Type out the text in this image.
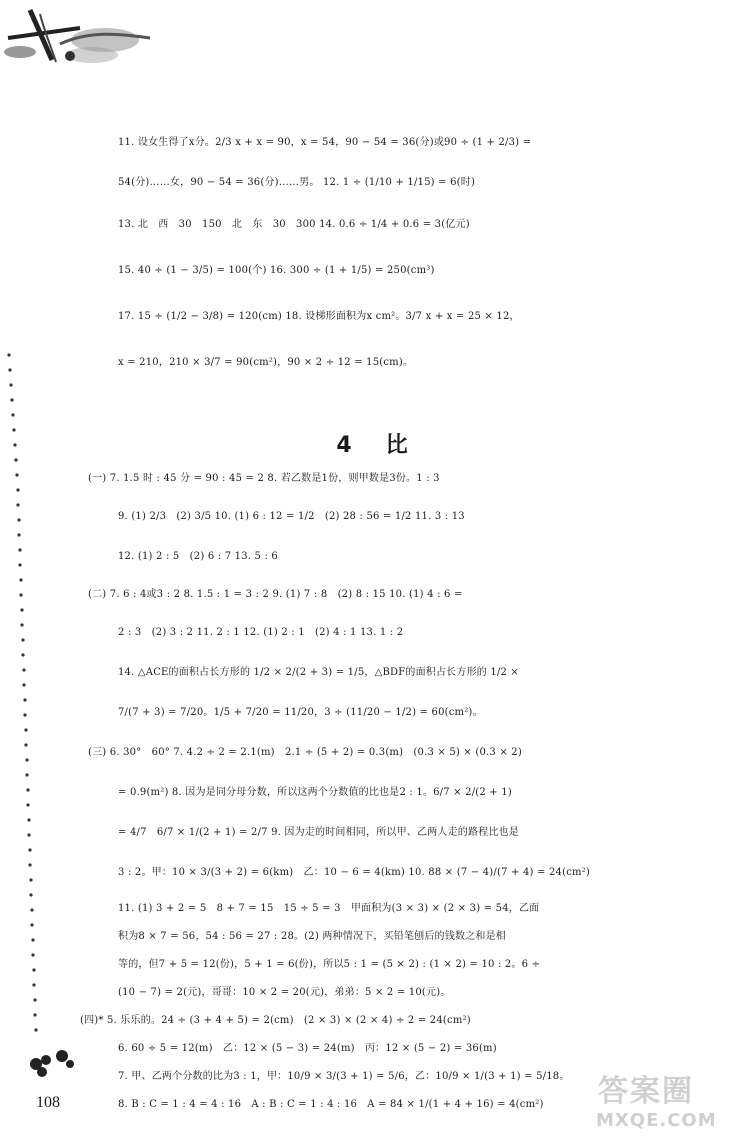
11. 设女生得了x分。2/3 x + x = 90，x = 54，90 − 54 = 36(分)或90 ÷ (1 + 2/3) =
54(分)……女，90 − 54 = 36(分)……男。 12. 1 ÷ (1/10 + 1/15) = 6(时)
13. 北　西　30　150　北　东　30　300 14. 0.6 ÷ 1/4 + 0.6 = 3(亿元)
15. 40 ÷ (1 − 3/5) = 100(个) 16. 300 ÷ (1 + 1/5) = 250(cm³)
17. 15 ÷ (1/2 − 3/8) = 120(cm) 18. 设梯形面积为x cm²。3/7 x + x = 25 × 12，
x = 210，210 × 3/7 = 90(cm²)，90 × 2 ÷ 12 = 15(cm)。
4　比
(一) 7. 1.5 时 : 45 分 = 90 : 45 = 2 8. 若乙数是1份，则甲数是3份。1 : 3
9. (1) 2/3　(2) 3/5 10. (1) 6 : 12 = 1/2　(2) 28 : 56 = 1/2 11. 3 : 13
12. (1) 2 : 5　(2) 6 : 7 13. 5 : 6
(二) 7. 6 : 4或3 : 2 8. 1.5 : 1 = 3 : 2 9. (1) 7 : 8　(2) 8 : 15 10. (1) 4 : 6 =
2 : 3　(2) 3 : 2 11. 2 : 1 12. (1) 2 : 1　(2) 4 : 1 13. 1 : 2
14. △ACE的面积占长方形的 1/2 × 2/(2 + 3) = 1/5，△BDF的面积占长方形的 1/2 ×
7/(7 + 3) = 7/20。1/5 + 7/20 = 11/20，3 ÷ (11/20 − 1/2) = 60(cm²)。
(三) 6. 30°　60° 7. 4.2 ÷ 2 = 2.1(m)　2.1 ÷ (5 + 2) = 0.3(m)　(0.3 × 5) × (0.3 × 2)
= 0.9(m²) 8. 因为是同分母分数，所以这两个分数值的比也是2 : 1。6/7 × 2/(2 + 1)
= 4/7　6/7 × 1/(2 + 1) = 2/7 9. 因为走的时间相同，所以甲、乙两人走的路程比也是
3 : 2。甲：10 × 3/(3 + 2) = 6(km)　乙：10 − 6 = 4(km) 10. 88 × (7 − 4)/(7 + 4) = 24(cm²)
11. (1) 3 + 2 = 5　8 + 7 = 15　15 ÷ 5 = 3　甲面积为(3 × 3) × (2 × 3) = 54，乙面
积为8 × 7 = 56，54 : 56 = 27 : 28。(2) 两种情况下，买铅笔刨后的钱数之和是相
等的，但7 + 5 = 12(份)，5 + 1 = 6(份)，所以5 : 1 = (5 × 2) : (1 × 2) = 10 : 2。6 ÷
(10 − 7) = 2(元)，哥哥：10 × 2 = 20(元)，弟弟：5 × 2 = 10(元)。
(四)* 5. 乐乐的。24 ÷ (3 + 4 + 5) = 2(cm)　(2 × 3) × (2 × 4) ÷ 2 = 24(cm²)
6. 60 ÷ 5 = 12(m)　乙：12 × (5 − 3) = 24(m)　丙：12 × (5 − 2) = 36(m)
7. 甲、乙两个分数的比为3 : 1，甲：10/9 × 3/(3 + 1) = 5/6，乙：10/9 × 1/(3 + 1) = 5/18。
8. B : C = 1 : 4 = 4 : 16　A : B : C = 1 : 4 : 16　A = 84 × 1/(1 + 4 + 16) = 4(cm²)
108	答案圈
MXQE.COM
